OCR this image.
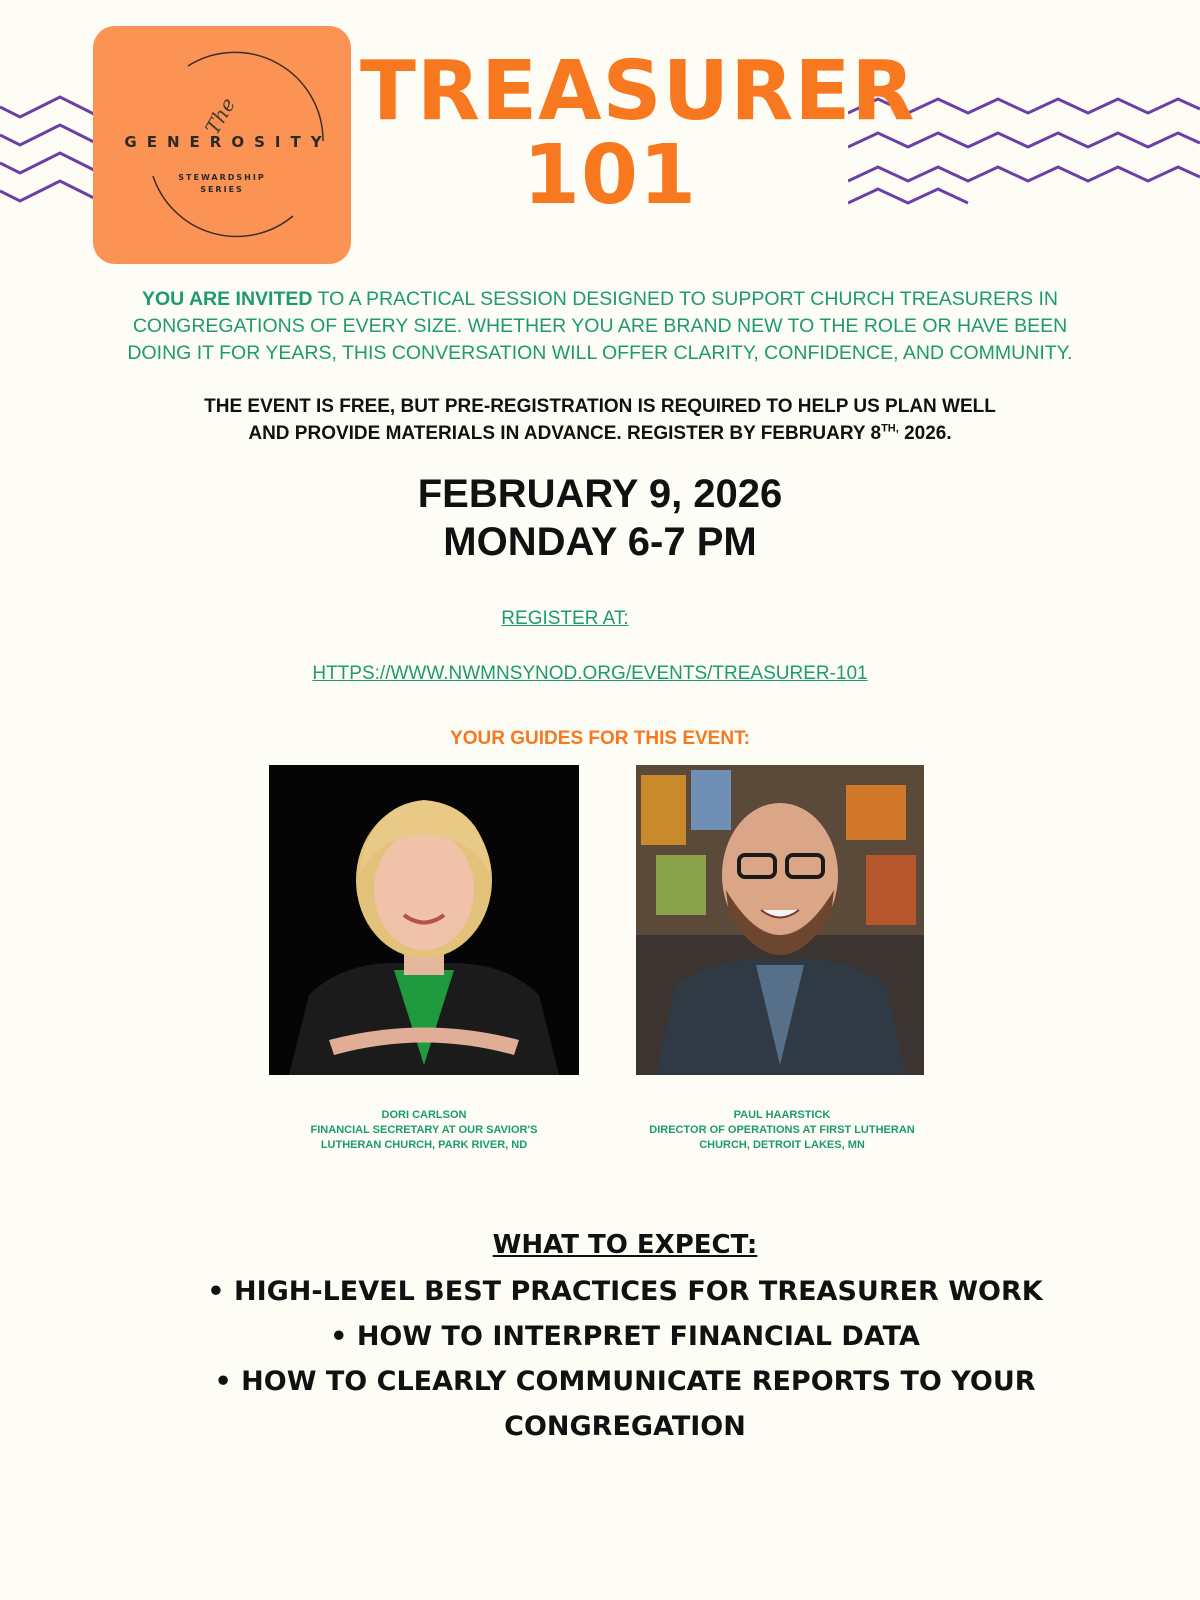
The
GENEROSITY
STEWARDSHIP
SERIES
TREASURER
101
YOU ARE INVITED TO A PRACTICAL SESSION DESIGNED TO SUPPORT CHURCH TREASURERS IN CONGREGATIONS OF EVERY SIZE. WHETHER YOU ARE BRAND NEW TO THE ROLE OR HAVE BEEN DOING IT FOR YEARS, THIS CONVERSATION WILL OFFER CLARITY, CONFIDENCE, AND COMMUNITY.
THE EVENT IS FREE, BUT PRE-REGISTRATION IS REQUIRED TO HELP US PLAN WELL
AND PROVIDE MATERIALS IN ADVANCE. REGISTER BY FEBRUARY $8^{TH,}$ 2026.
FEBRUARY 9, 2026
MONDAY 6-7 PM
REGISTER AT:
HTTPS://WWW.NWMNSYNOD.ORG/EVENTS/TREASURER-101
YOUR GUIDES FOR THIS EVENT:
DORI CARLSON
FINANCIAL SECRETARY AT OUR SAVIOR'S
LUTHERAN CHURCH, PARK RIVER, ND
PAUL HAARSTICK
DIRECTOR OF OPERATIONS AT FIRST LUTHERAN
CHURCH, DETROIT LAKES, MN
WHAT TO EXPECT:
• HIGH-LEVEL BEST PRACTICES FOR TREASURER WORK
• HOW TO INTERPRET FINANCIAL DATA
• HOW TO CLEARLY COMMUNICATE REPORTS TO YOUR CONGREGATION
